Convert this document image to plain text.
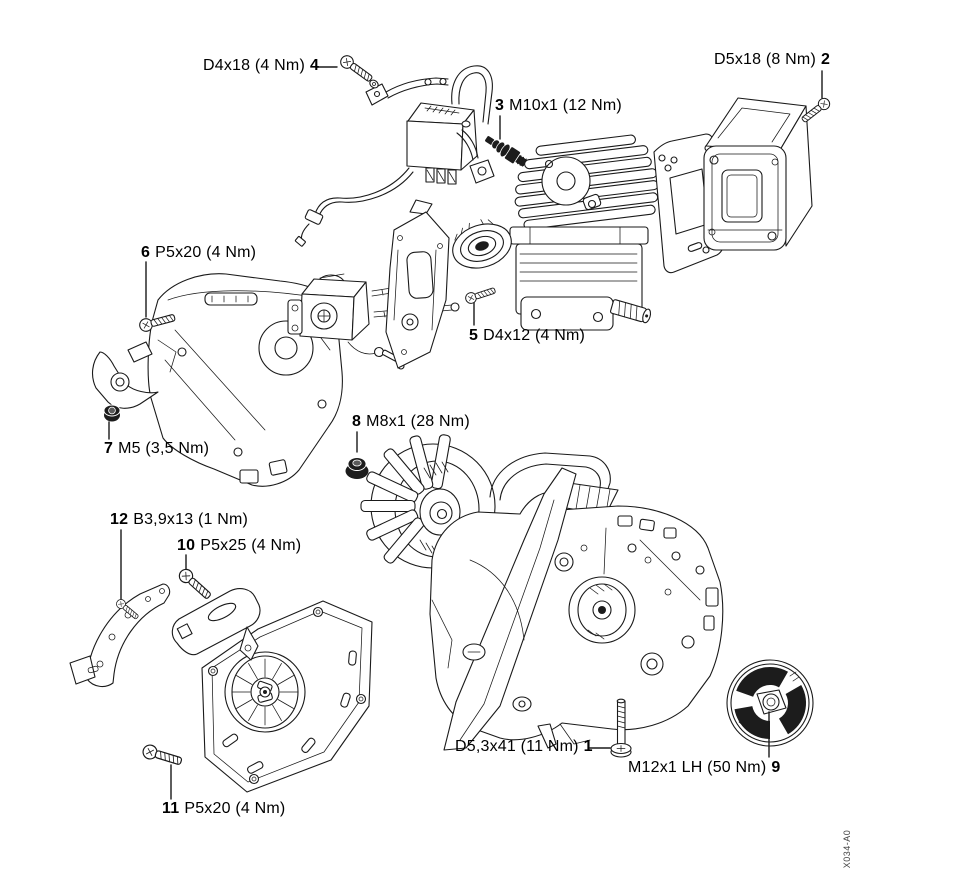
D4x18 (4 Nm) 4	D5x18 (8 Nm) 2
3 M10x1 (12 Nm)
6 P5x20 (4 Nm)
5 D4x12 (4 Nm)
7 M5 (3,5 Nm)
8 M8x1 (28 Nm)
12 B3,9x13 (1 Nm)
10 P5x25 (4 Nm)
11 P5x20 (4 Nm)
D5,3x41 (11 Nm) 1
M12x1 LH (50 Nm) 9
X034-A0
